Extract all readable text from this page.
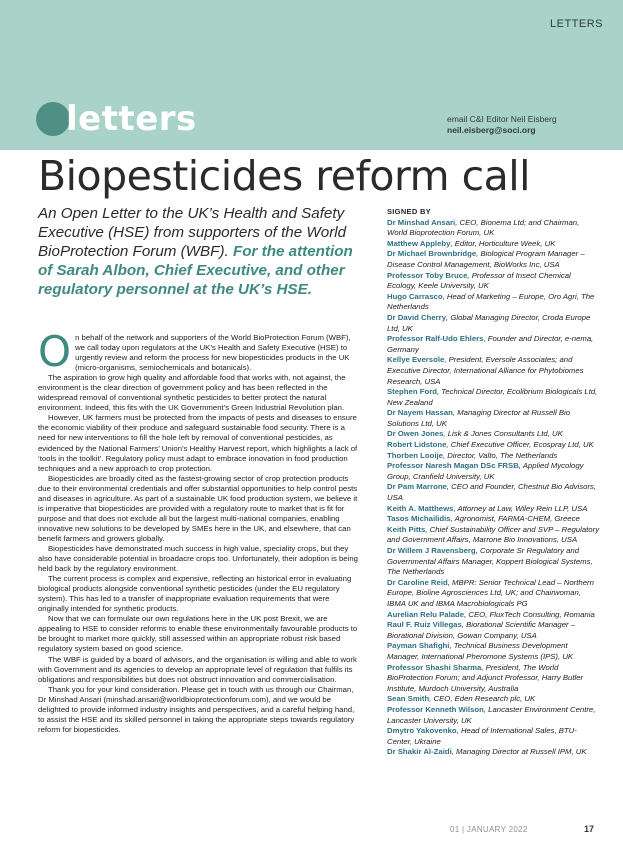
LETTERS
letters	email C&I Editor Neil Eisberg
neil.eisberg@soci.org
Biopesticides reform call
An Open Letter to the UK’s Health and Safety Executive (HSE) from supporters of the World BioProtection Forum (WBF). For the attention of Sarah Albon, Chief Executive, and other regulatory personnel at the UK’s HSE.

On behalf of the network and supporters of the World BioProtection Forum (WBF), we call today upon regulators at the UK’s Health and Safety Executive (HSE) to urgently review and reform the process for new biopesticides products in the UK (micro-organisms, semiochemicals and botanicals).

The aspiration to grow high quality and affordable food that works with, not against, the environment is the clear direction of government policy and has been reflected in the widespread removal of conventional synthetic pesticides to better protect the natural environment. Indeed, this fits with the UK Government’s Green Industrial Revolution plan.

However, UK farmers must be protected from the impacts of pests and diseases to ensure the economic viability of their produce and safeguard sustainable food security. There is a need for new interventions to fill the hole left by removal of conventional pesticides, as evidenced by the National Farmers’ Union’s Healthy Harvest report, which highlights a lack of ‘tools in the toolkit’. Regulatory policy must adapt to embrace innovation in food production techniques and a new approach to crop protection.

Biopesticides are broadly cited as the fastest-growing sector of crop protection products due to their environmental credentials and offer substantial opportunities to help control pests and diseases in agriculture. As part of a sustainable UK food production system, we believe it is imperative that biopesticides are provided with a regulatory route to market that is fit for purpose and that does not exclude all but the largest multi-national companies, enabling innovative new solutions to be developed by SMEs here in the UK, and elsewhere, that can benefit farmers and growers globally.

Biopesticides have demonstrated much success in high value, speciality crops, but they also have considerable potential in broadacre crops too. Unfortunately, their adoption is being held back by the regulatory environment.

The current process is complex and expensive, reflecting an historical error in evaluating biological products alongside conventional synthetic pesticides (under the EU regulatory system). This has led to a transfer of inappropriate evaluation requirements that were originally intended for synthetic products.

Now that we can formulate our own regulations here in the UK post Brexit, we are appealing to HSE to consider reforms to enable these environmentally favourable products to be brought to market more quickly, still assessed within an appropriate robust risk based regulatory system based on good science.

The WBF is guided by a board of advisors, and the organisation is willing and able to work with Government and its agencies to develop an appropriate level of regulation that fulfils its obligations and responsibilities but does not obstruct innovation and commercialisation.

Thank you for your kind consideration. Please get in touch with us through our Chairman, Dr Minshad Ansari (minshad.ansari@worldbioprotectionforum.com), and we would be delighted to provide informed industry insights and perspectives, and a careful helping hand, to assist the HSE and its skilled personnel in taking the appropriate steps towards regulatory reform for biopesticides.

SIGNED BY
Dr Minshad Ansari, CEO, Bionema Ltd; and Chairman, World Bioprotection Forum, UK
Matthew Appleby, Editor, Horticulture Week, UK
Dr Michael Brownbridge, Biological Program Manager – Disease Control Management, BioWorks Inc, USA
Professor Toby Bruce, Professor of Insect Chemical Ecology, Keele University, UK
Hugo Carrasco, Head of Marketing – Europe, Oro Agri, The Netherlands
Dr David Cherry, Global Managing Director, Croda Europe Ltd, UK
Professor Ralf-Udo Ehlers, Founder and Director, e-nema, Germany
Kellye Eversole, President, Eversole Associates; and Executive Director, International Alliance for Phytobiomes Research, USA
Stephen Ford, Technical Director, Ecolibrium Biologicals Ltd, New Zealand
Dr Nayem Hassan, Managing Director at Russell Bio Solutions Ltd, UK
Dr Owen Jones, Lisk & Jones Consultants Ltd, UK
Robert Lidstone, Chief Executive Officer, Ecospray Ltd, UK
Thorben Looije, Director, Valto, The Netherlands
Professor Naresh Magan DSc FRSB, Applied Mycology Group, Cranfield University, UK
Dr Pam Marrone, CEO and Founder, Chestnut Bio Advisors, USA
Keith A. Matthews, Attorney at Law, Wiley Rein LLP, USA
Tasos Michailidis, Agronomist, FARMA-CHEM, Greece
Keith Pitts, Chief Sustainability Officer and SVP – Regulatory and Government Affairs, Marrone Bio Innovations, USA
Dr Willem J Ravensberg, Corporate Sr Regulatory and Governmental Affairs Manager, Koppert Biological Systems, The Netherlands
Dr Caroline Reid, MBPR: Senior Technical Lead – Northern Europe, Bioline Agrosciences Ltd, UK; and Chairwoman, IBMA UK and IBMA Macrobiologicals PG
Aurelian Relu Palade, CEO, FluxTech Consulting, Romania
Raul F. Ruiz Villegas, Biorational Scientific Manager – Biorational Division, Gowan Company, USA
Payman Shafighi, Technical Business Development Manager, International Pheromone Systems (IPS), UK
Professor Shashi Sharma, President, The World BioProtection Forum; and Adjunct Professor, Harry Butler Institute, Murdoch University, Australia
Sean Smith, CEO, Eden Research plc, UK
Professor Kenneth Wilson, Lancaster Environment Centre, Lancaster University, UK
Dmytro Yakovenko, Head of International Sales, BTU-Center, Ukraine
Dr Shakir Al-Zaidi, Managing Director at Russell IPM, UK
01 | JANUARY 2022	17
